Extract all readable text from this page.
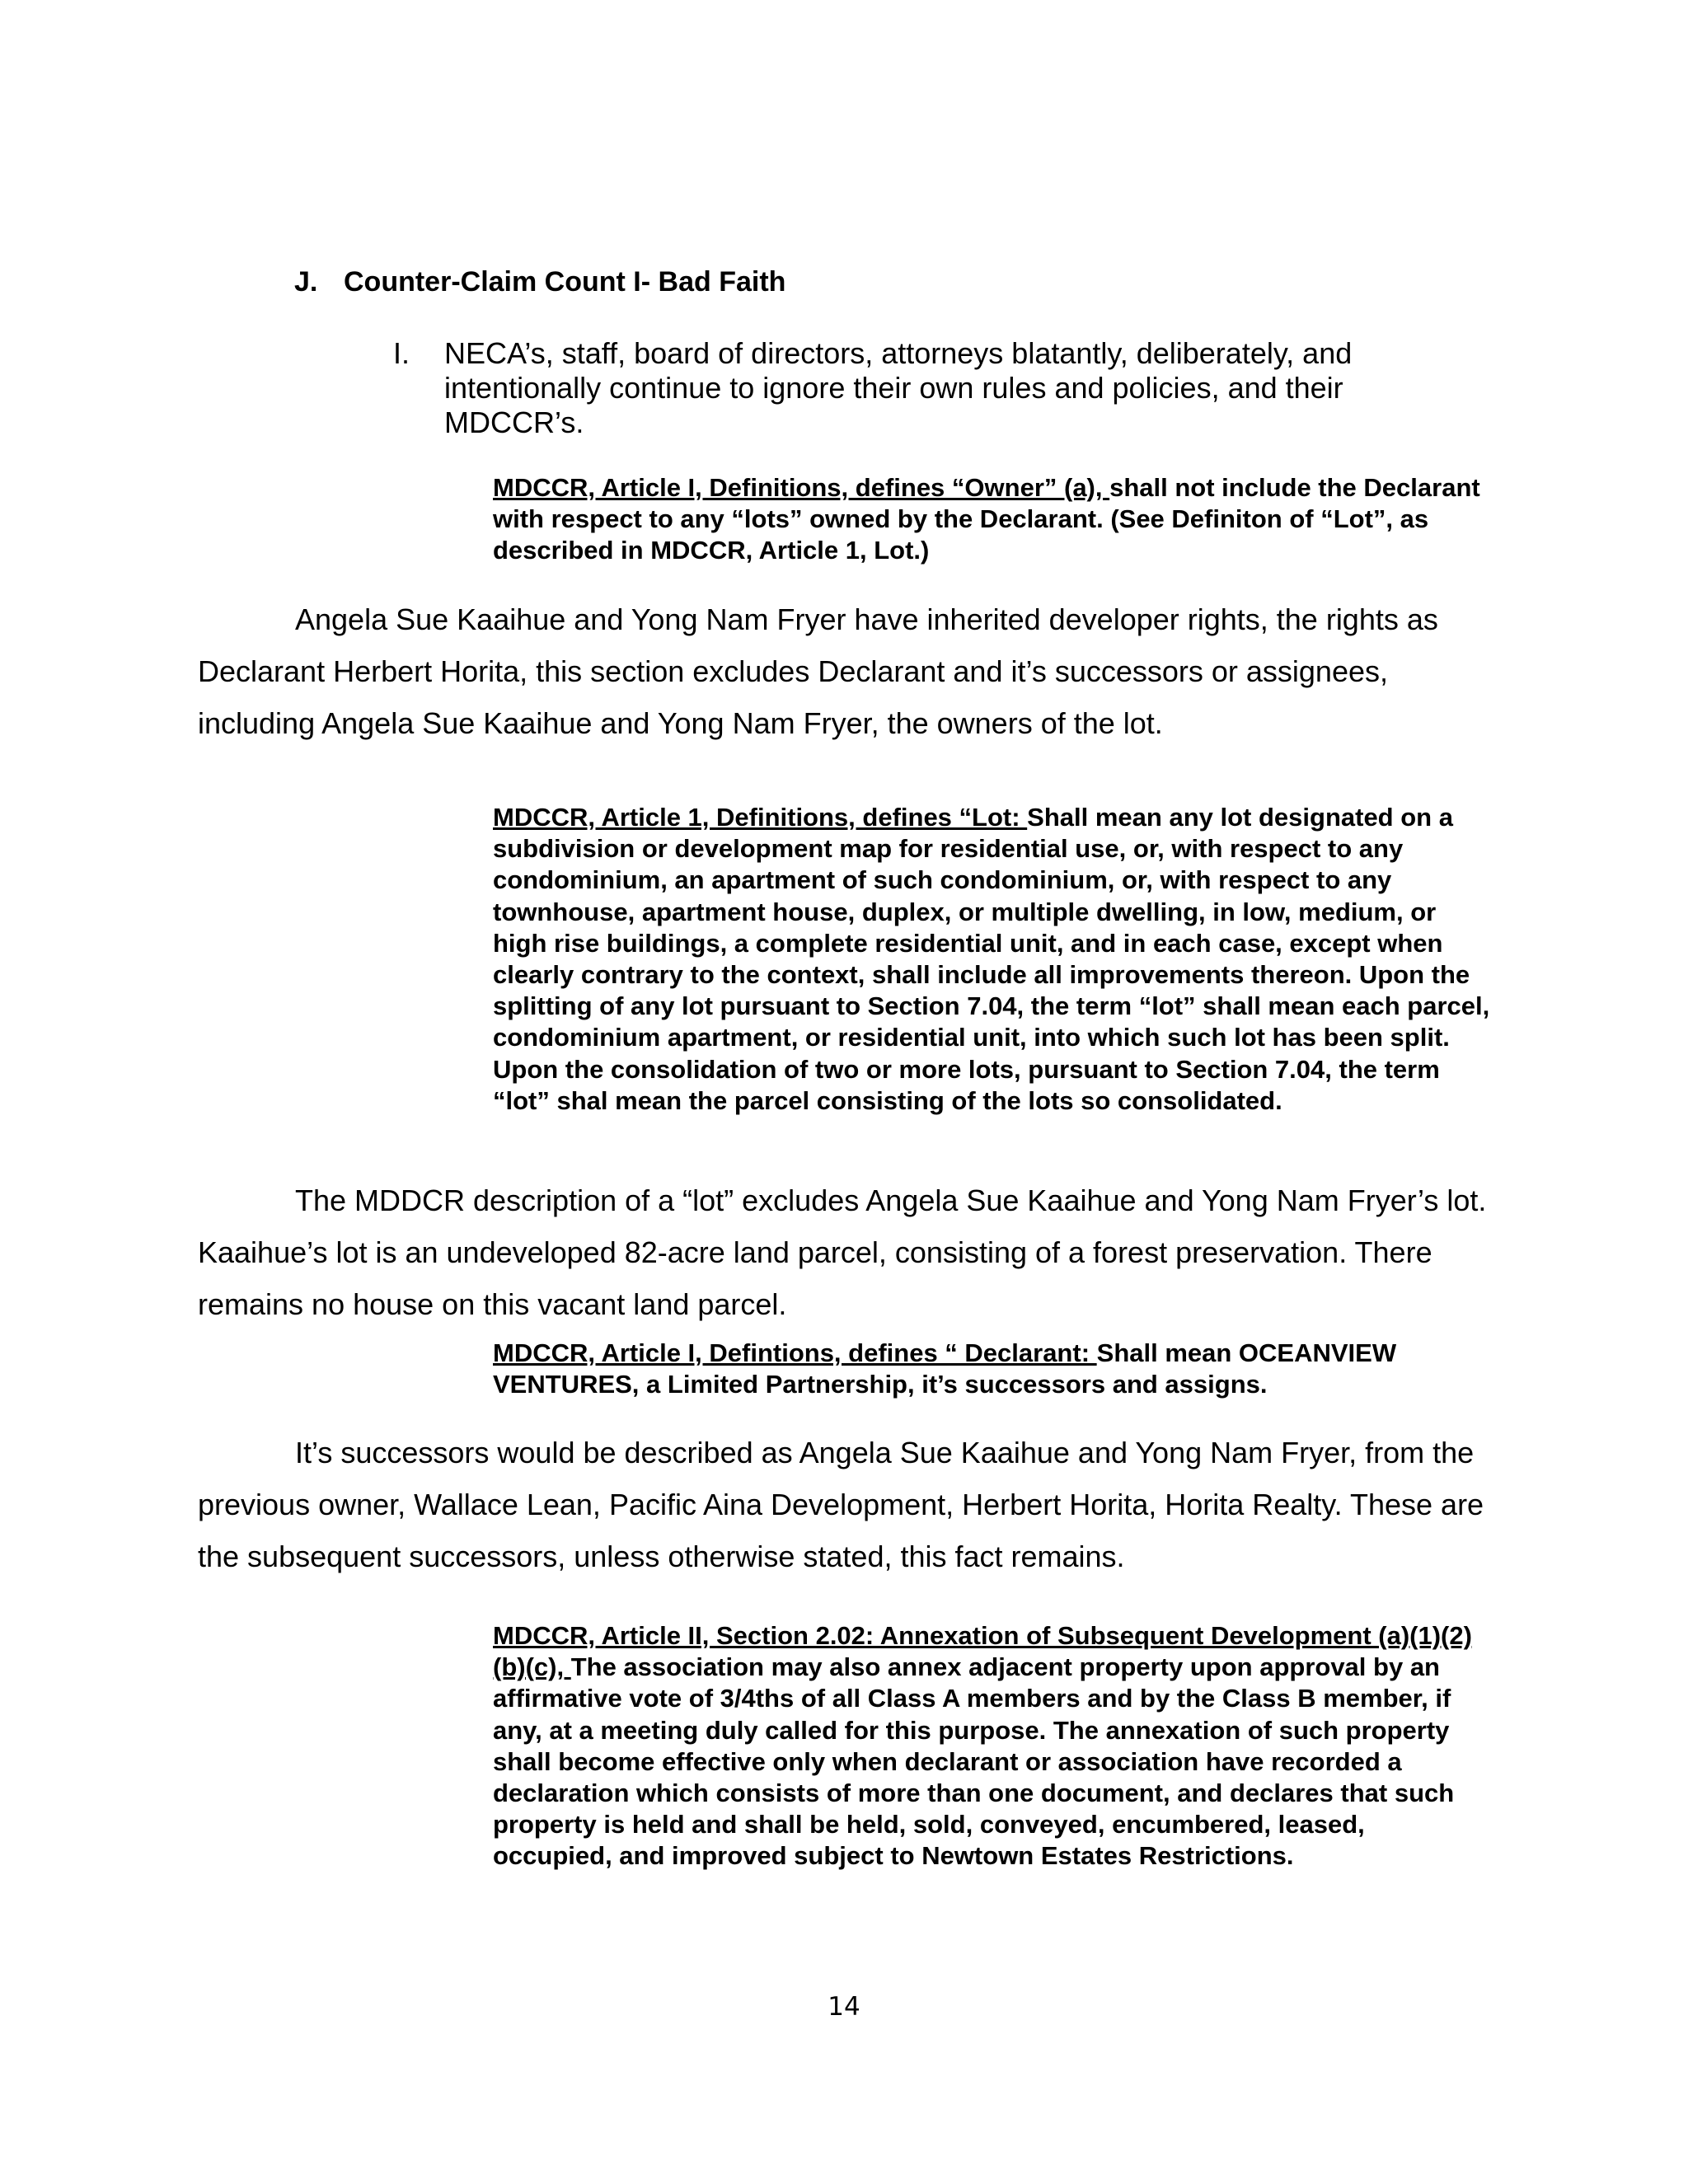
J. Counter-Claim Count I- Bad Faith
I. NECA’s, staff, board of directors, attorneys blatantly, deliberately, and intentionally continue to ignore their own rules and policies, and their MDCCR’s.
MDCCR, Article I, Definitions, defines “Owner” (a), shall not include the Declarant with respect to any “lots” owned by the Declarant. (See Definiton of “Lot”, as described in MDCCR, Article 1, Lot.)
Angela Sue Kaaihue and Yong Nam Fryer have inherited developer rights, the rights as Declarant Herbert Horita, this section excludes Declarant and it’s successors or assignees, including Angela Sue Kaaihue and Yong Nam Fryer, the owners of the lot.
MDCCR, Article 1, Definitions, defines “Lot: Shall mean any lot designated on a subdivision or development map for residential use, or, with respect to any condominium, an apartment of such condominium, or, with respect to any townhouse, apartment house, duplex, or multiple dwelling, in low, medium, or high rise buildings, a complete residential unit, and in each case, except when clearly contrary to the context, shall include all improvements thereon. Upon the splitting of any lot pursuant to Section 7.04, the term “lot” shall mean each parcel, condominium apartment, or residential unit, into which such lot has been split. Upon the consolidation of two or more lots, pursuant to Section 7.04, the term “lot” shal mean the parcel consisting of the lots so consolidated.
The MDDCR description of a “lot” excludes Angela Sue Kaaihue and Yong Nam Fryer’s lot. Kaaihue’s lot is an undeveloped 82-acre land parcel, consisting of a forest preservation. There remains no house on this vacant land parcel.
MDCCR, Article I, Defintions, defines “ Declarant: Shall mean OCEANVIEW VENTURES, a Limited Partnership, it’s successors and assigns.
It’s successors would be described as Angela Sue Kaaihue and Yong Nam Fryer, from the previous owner, Wallace Lean, Pacific Aina Development, Herbert Horita, Horita Realty. These are the subsequent successors, unless otherwise stated, this fact remains.
MDCCR, Article II, Section 2.02: Annexation of Subsequent Development (a)(1)(2) (b)(c), The association may also annex adjacent property upon approval by an affirmative vote of 3/4ths of all Class A members and by the Class B member, if any, at a meeting duly called for this purpose. The annexation of such property shall become effective only when declarant or association have recorded a declaration which consists of more than one document, and declares that such property is held and shall be held, sold, conveyed, encumbered, leased, occupied, and improved subject to Newtown Estates Restrictions.
14
